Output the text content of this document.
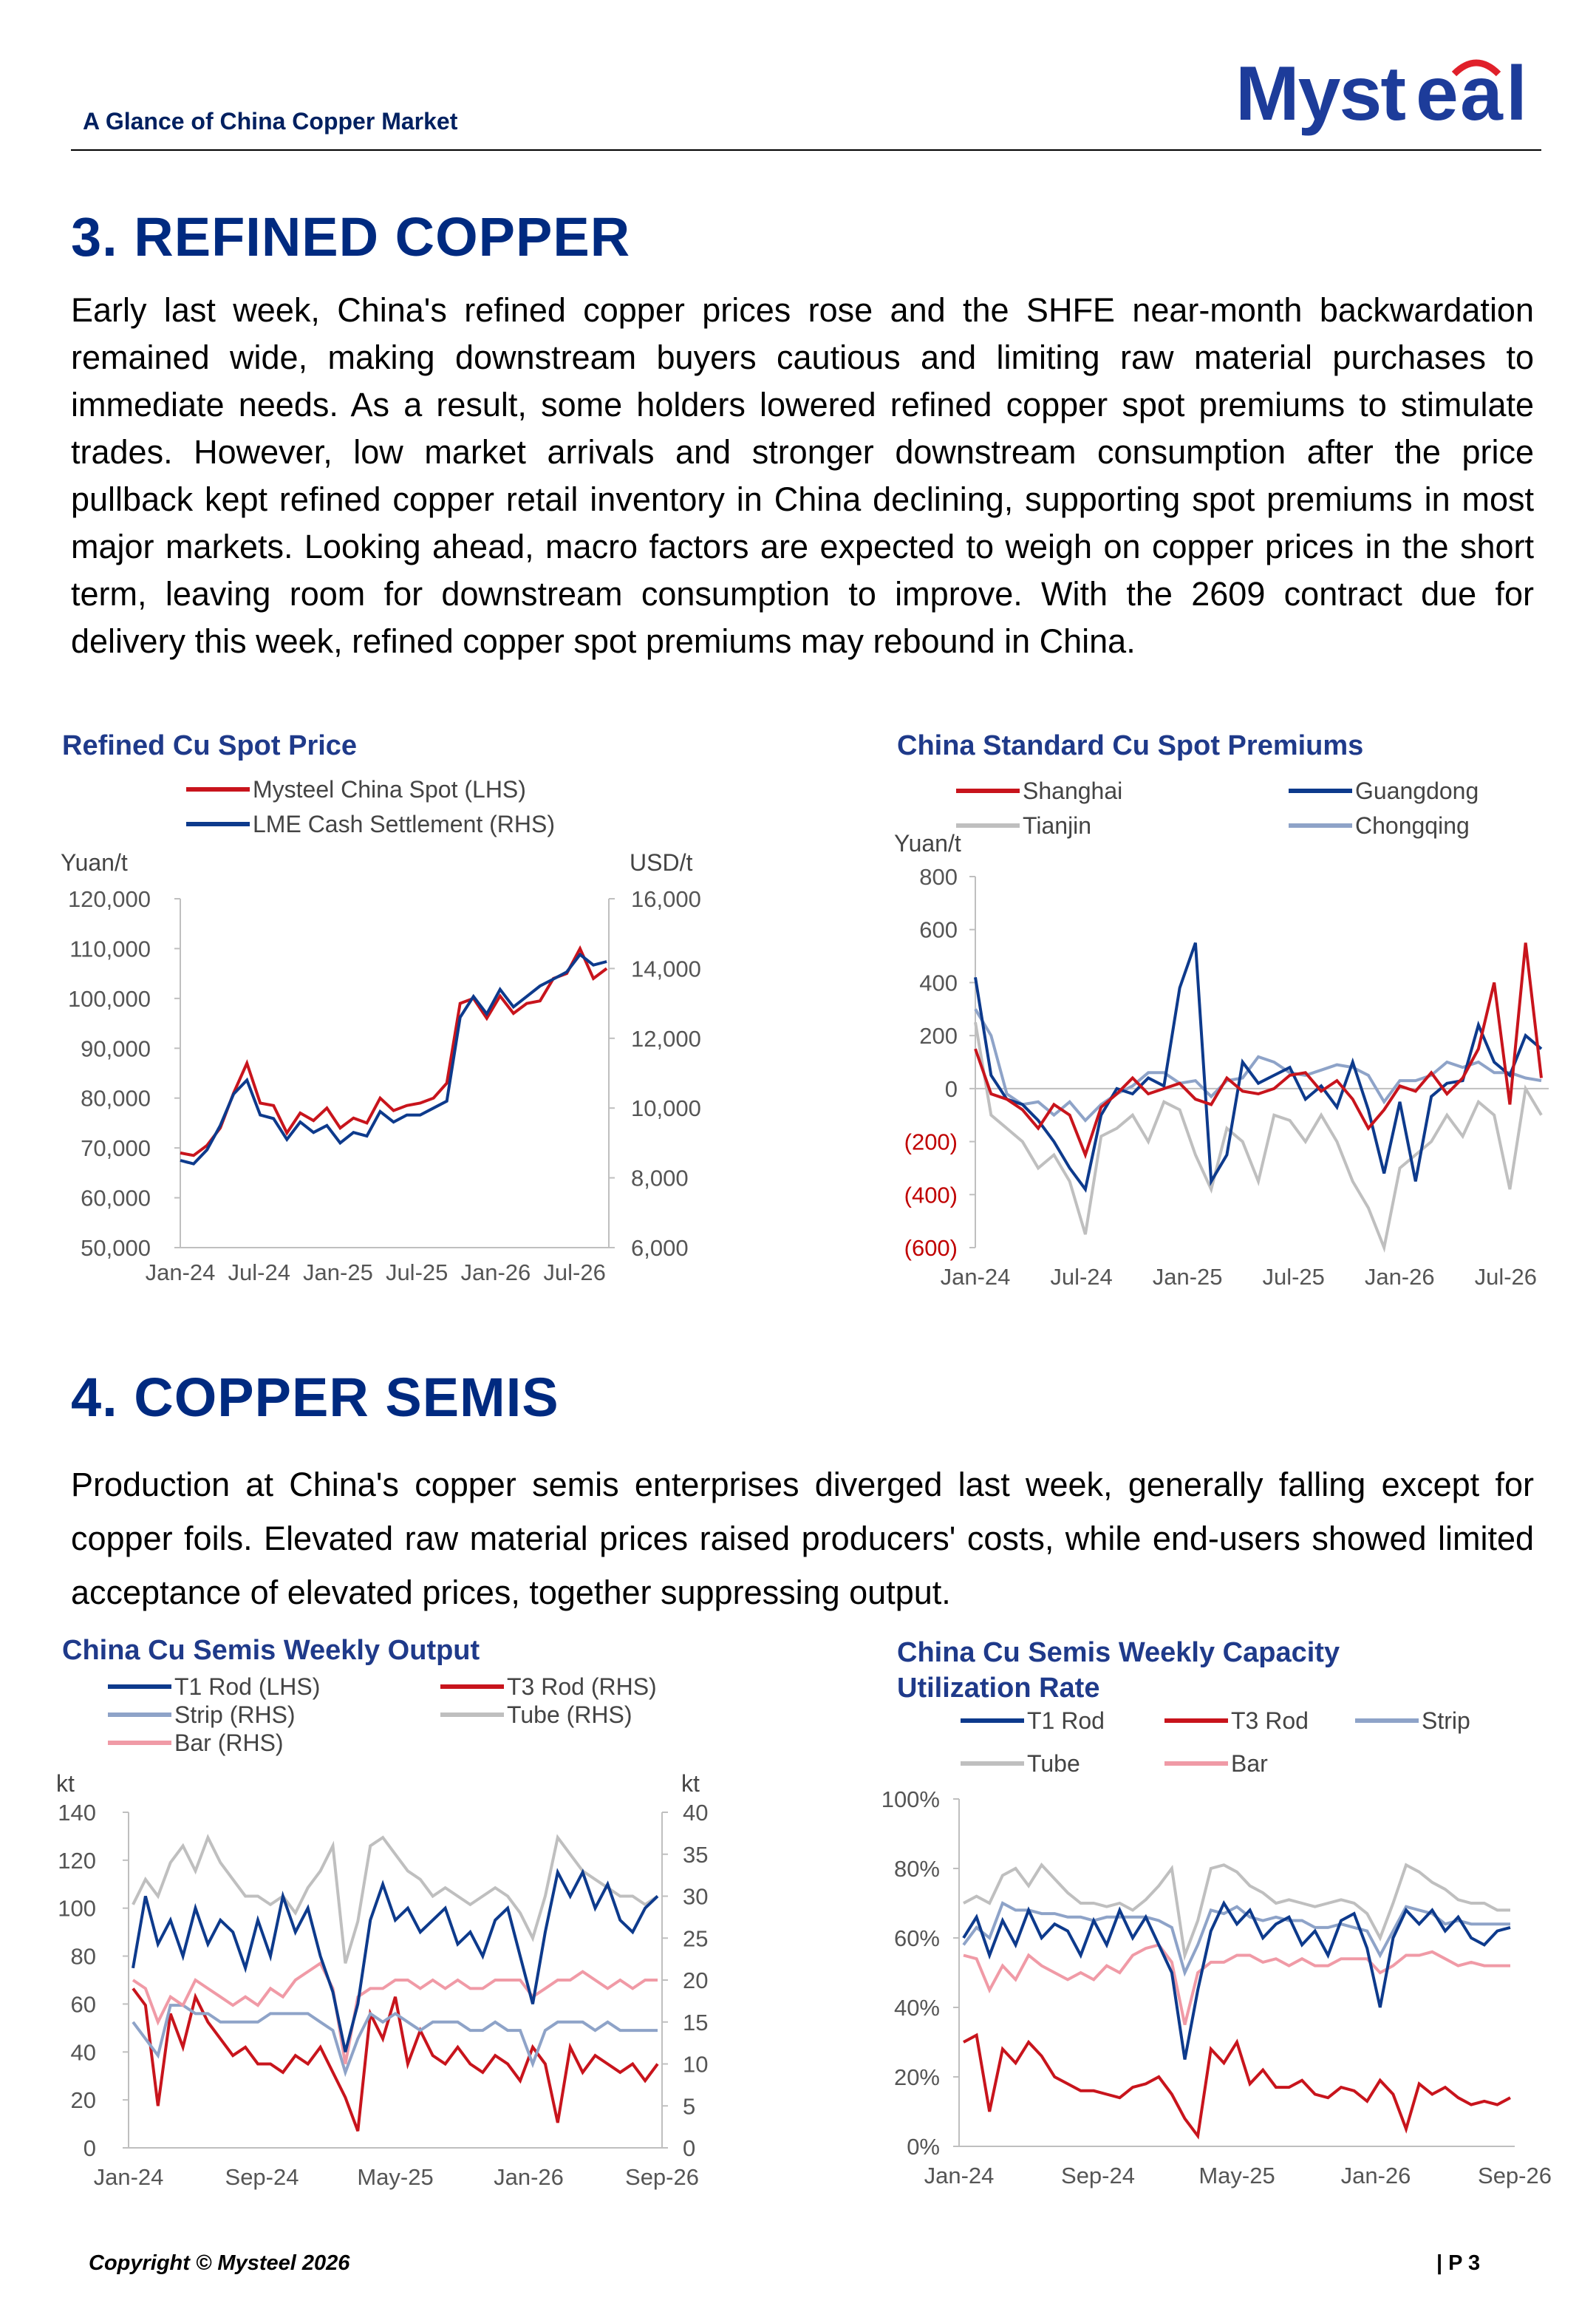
A Glance of China Copper Market	Myst e a l
3. REFINED COPPER
Early last week, China's refined copper prices rose and the SHFE near-month backwardation remained wide, making downstream buyers cautious and limiting raw material purchases to immediate needs. As a result, some holders lowered refined copper spot premiums to stimulate trades. However, low market arrivals and stronger downstream consumption after the price pullback kept refined copper retail inventory in China declining, supporting spot premiums in most major markets. Looking ahead, macro factors are expected to weigh on copper prices in the short term, leaving room for downstream consumption to improve. With the 2609 contract due for delivery this week, refined copper spot premiums may rebound in China.
Refined Cu Spot Price
Mysteel China Spot (LHS)
LME Cash Settlement (RHS)
Yuan/t	USD/t
50,000
60,000
70,000
80,000
90,000
100,000
110,000
120,000
6,000
8,000
10,000
12,000
14,000
16,000
Jan-24 Jul-24 Jan-25 Jul-25 Jan-26 Jul-26
China Standard Cu Spot Premiums
Shanghai	Guangdong
Tianjin	Chongqing
Yuan/t
(600)
(400)
(200)
0
200
400
600
800
Jan-24 Jul-24 Jan-25 Jul-25 Jan-26 Jul-26
4. COPPER SEMIS
Production at China's copper semis enterprises diverged last week, generally falling except for copper foils. Elevated raw material prices raised producers' costs, while end-users showed limited acceptance of elevated prices, together suppressing output.
China Cu Semis Weekly Output
T1 Rod (LHS)	T3 Rod (RHS)
Strip (RHS)	Tube (RHS)
Bar (RHS)
kt	kt
0
20
40
60
80
100
120
140
0
5
10
15
20
25
30
35
40
Jan-24	Sep-24	May-25	Jan-26	Sep-26
China Cu Semis Weekly Capacity Utilization Rate
T1 Rod	T3 Rod	Strip
Tube	Bar
0%
20%
40%
60%
80%
100%
Jan-24	Sep-24	May-25	Jan-26	Sep-26
Copyright © Mysteel 2026	| P 3
